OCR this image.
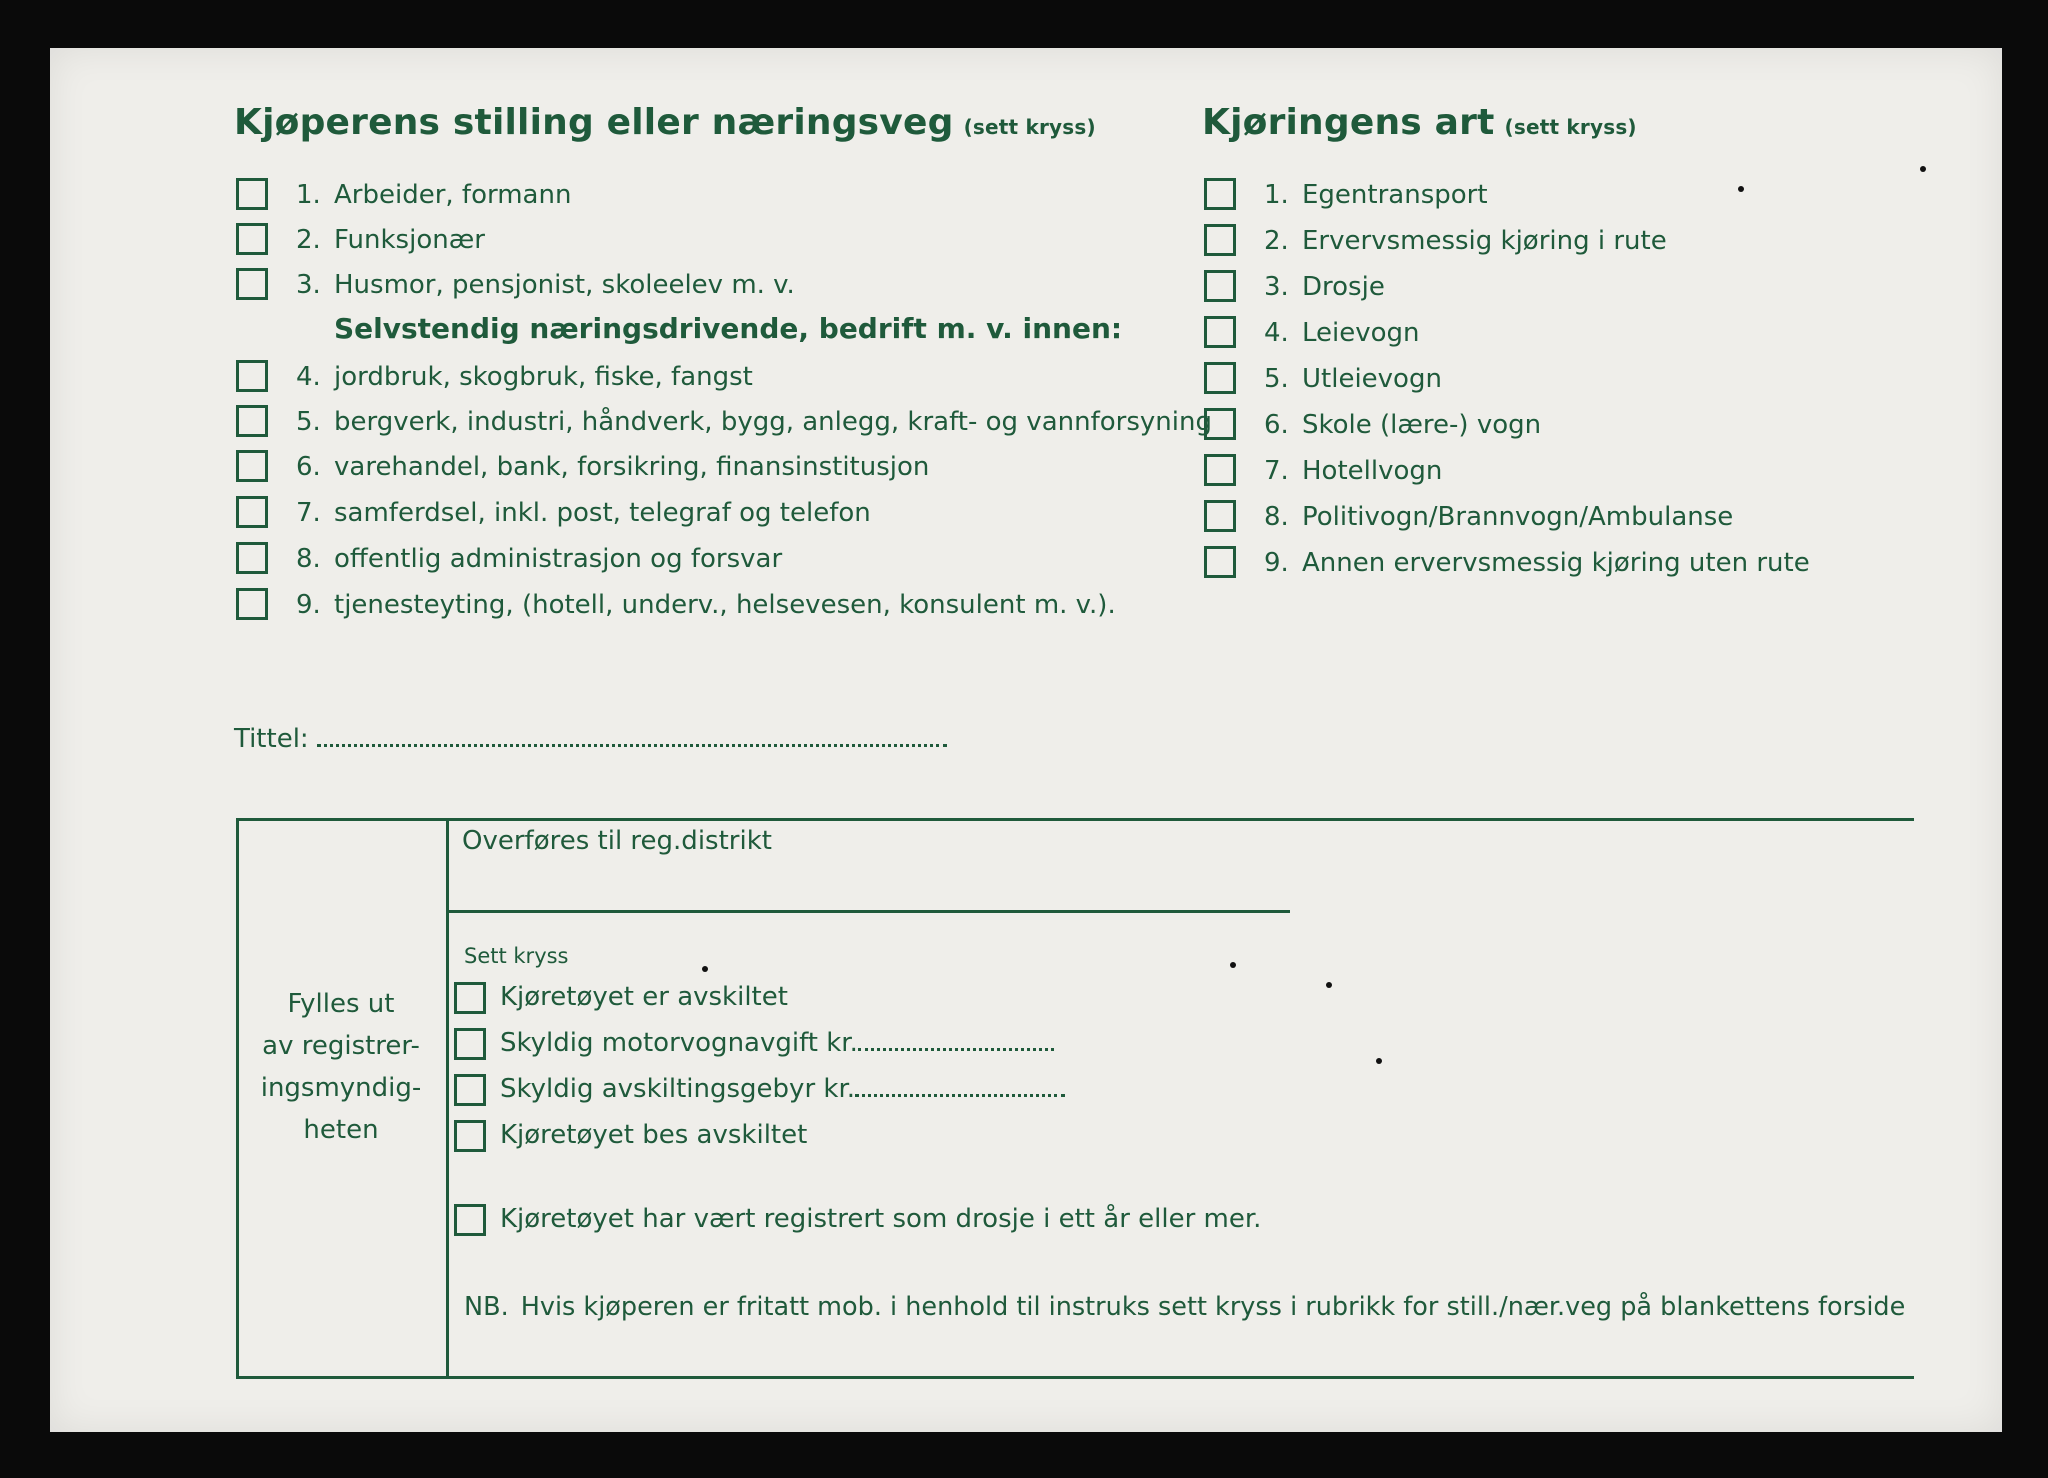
Kjøperens stilling eller næringsveg (sett kryss)	Kjøringens art (sett kryss)
1. Arbeider, formann
2. Funksjonær
3. Husmor, pensjonist, skoleelev m. v.
Selvstendig næringsdrivende, bedrift m. v. innen:
4. jordbruk, skogbruk, fiske, fangst
5. bergverk, industri, håndverk, bygg, anlegg, kraft- og vannforsyning
6. varehandel, bank, forsikring, finansinstitusjon
7. samferdsel, inkl. post, telegraf og telefon
8. offentlig administrasjon og forsvar
9. tjenesteyting, (hotell, underv., helsevesen, konsulent m. v.).
1. Egentransport
2. Ervervsmessig kjøring i rute
3. Drosje
4. Leievogn
5. Utleievogn
6. Skole (lære-) vogn
7. Hotellvogn
8. Politivogn/Brannvogn/Ambulanse
9. Annen ervervsmessig kjøring uten rute
Tittel:
Fylles ut
av registrer-
ingsmyndig-
heten
Overføres til reg.distrikt
Sett kryss
Kjøretøyet er avskiltet
Skyldig motorvognavgift kr.
Skyldig avskiltingsgebyr kr.
Kjøretøyet bes avskiltet
Kjøretøyet har vært registrert som drosje i ett år eller mer.
NB. Hvis kjøperen er fritatt mob. i henhold til instruks sett kryss i rubrikk for still./nær.veg på blankettens forside
